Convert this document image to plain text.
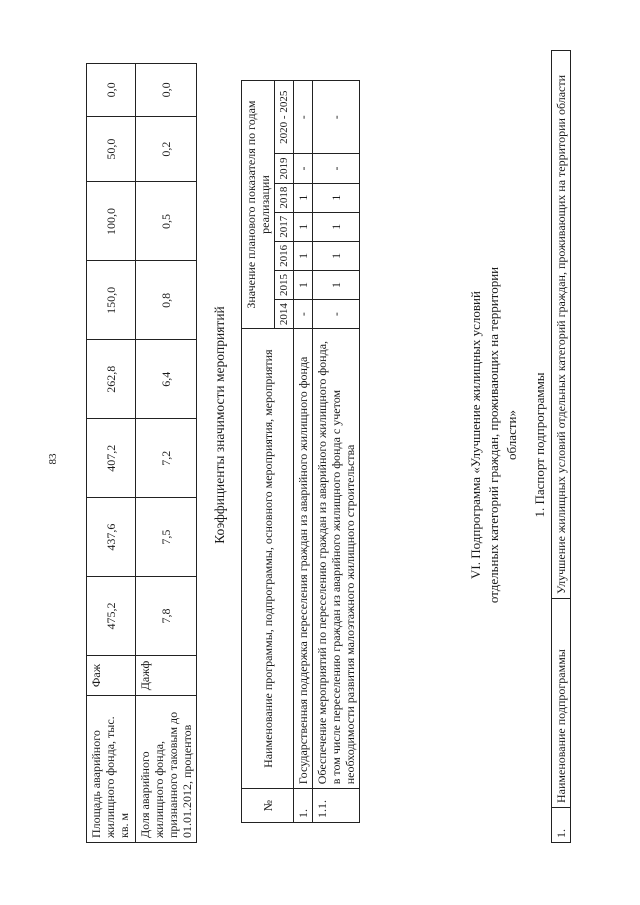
83
Площадь аварийного жилищного фонда, тыс. кв. м	Фаж	475,2	437,6	407,2	262,8	150,0	100,0	50,0	0,0
Доля аварийного жилищного фонда, признанного таковым до 01.01.2012, процентов	Дажф	7,8	7,5	7,2	6,4	0,8	0,5	0,2	0,0
Коэффициенты значимости мероприятий
№	Наименование программы, подпрограммы, основного мероприятия, мероприятия	Значение планового показателя по годам реализации						
		2014	2015	2016	2017	2018	2019	2020 - 2025
1.	Государственная поддержка переселения граждан из аварийного жилищного фонда	-	1	1	1	1	-	-
1.1.	Обеспечение мероприятий по переселению граждан из аварийного жилищного фонда, в том числе переселению граждан из аварийного жилищного фонда с учетом необходимости развития малоэтажного жилищного строительства	-	1	1	1	1	-	-
VI. Подпрограмма «Улучшение жилищных условий отдельных категорий граждан, проживающих на территории области» 1. Паспорт подпрограммы
1.	Наименование подпрограммы	Улучшение жилищных условий отдельных категорий граждан, проживающих на территории области
